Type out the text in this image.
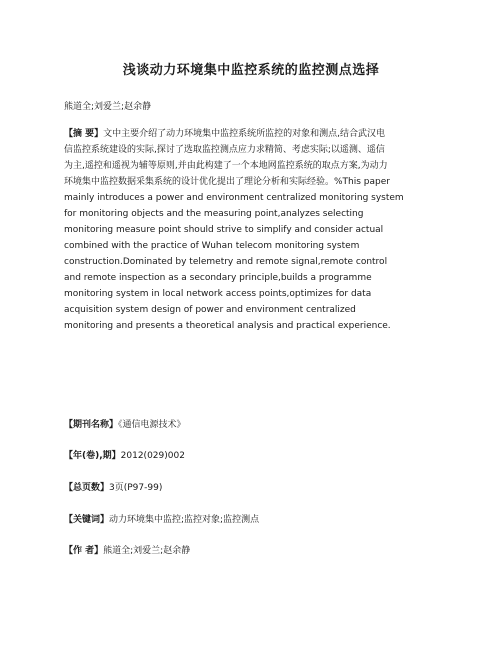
浅谈动力环境集中监控系统的监控测点选择
熊道全;刘爱兰;赵余静

【摘 要】文中主要介绍了动力环境集中监控系统所监控的对象和测点,结合武汉电

信监控系统建设的实际,探讨了选取监控测点应力求精简、考虑实际;以遥测、遥信

为主,遥控和遥视为辅等原则,并由此构建了一个本地网监控系统的取点方案,为动力

环境集中监控数据采集系统的设计优化提出了理论分析和实际经验。%This paper

mainly introduces a power and environment centralized monitoring system

for monitoring objects and the measuring point,analyzes selecting

monitoring measure point should strive to simplify and consider actual

combined with the practice of Wuhan telecom monitoring system

construction.Dominated by telemetry and remote signal,remote control

and remote inspection as a secondary principle,builds a programme

monitoring system in local network access points,optimizes for data

acquisition system design of power and environment centralized

monitoring and presents a theoretical analysis and practical experience.

【期刊名称】《通信电源技术》
【年(卷),期】2012(029)002
【总页数】3页(P97-99)
【关键词】动力环境集中监控;监控对象;监控测点
【作 者】熊道全;刘爱兰;赵余静
